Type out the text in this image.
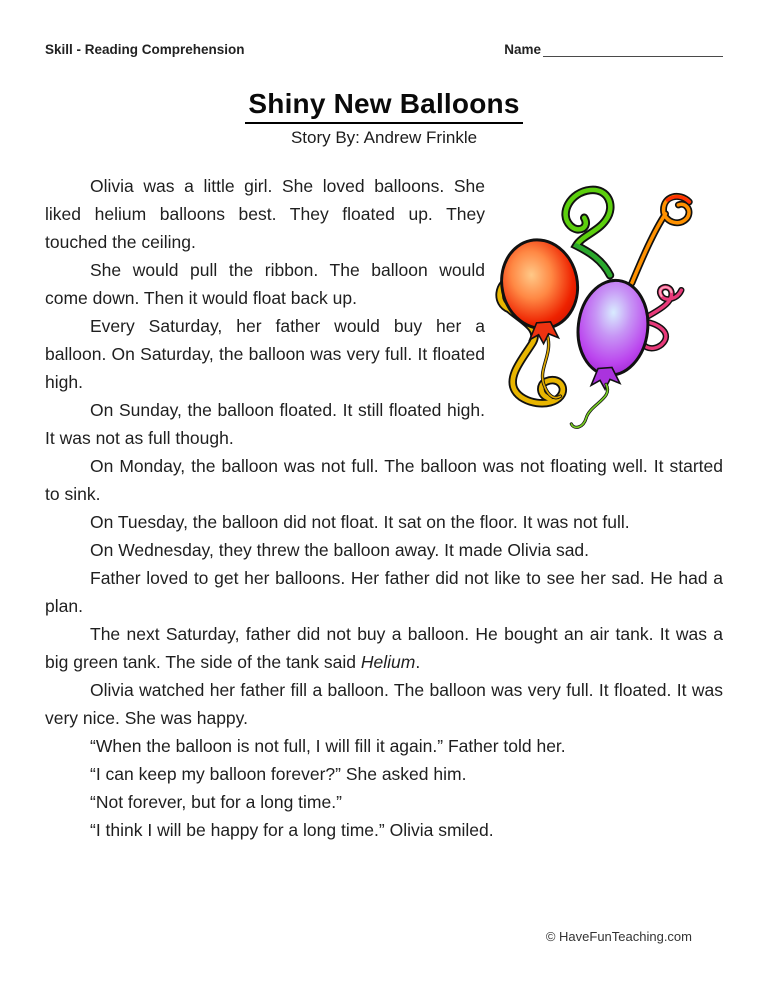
Skill - Reading Comprehension	Name
Shiny New Balloons

Story By: Andrew Frinkle

Olivia was a little girl. She loved balloons. She liked helium balloons best. They floated up. They touched the ceiling.

She would pull the ribbon. The balloon would come down. Then it would float back up.

Every Saturday, her father would buy her a balloon. On Saturday, the balloon was very full. It floated high.

On Sunday, the balloon floated. It still floated high. It was not as full though.

On Monday, the balloon was not full. The balloon was not floating well. It started to sink.

On Tuesday, the balloon did not float. It sat on the floor. It was not full.

On Wednesday, they threw the balloon away. It made Olivia sad.

Father loved to get her balloons. Her father did not like to see her sad. He had a plan.

The next Saturday, father did not buy a balloon. He bought an air tank. It was a big green tank. The side of the tank said Helium.

Olivia watched her father fill a balloon. The balloon was very full. It floated. It was very nice. She was happy.

“When the balloon is not full, I will fill it again.” Father told her.

“I can keep my balloon forever?” She asked him.

“Not forever, but for a long time.”

“I think I will be happy for a long time.” Olivia smiled.

© HaveFunTeaching.com
